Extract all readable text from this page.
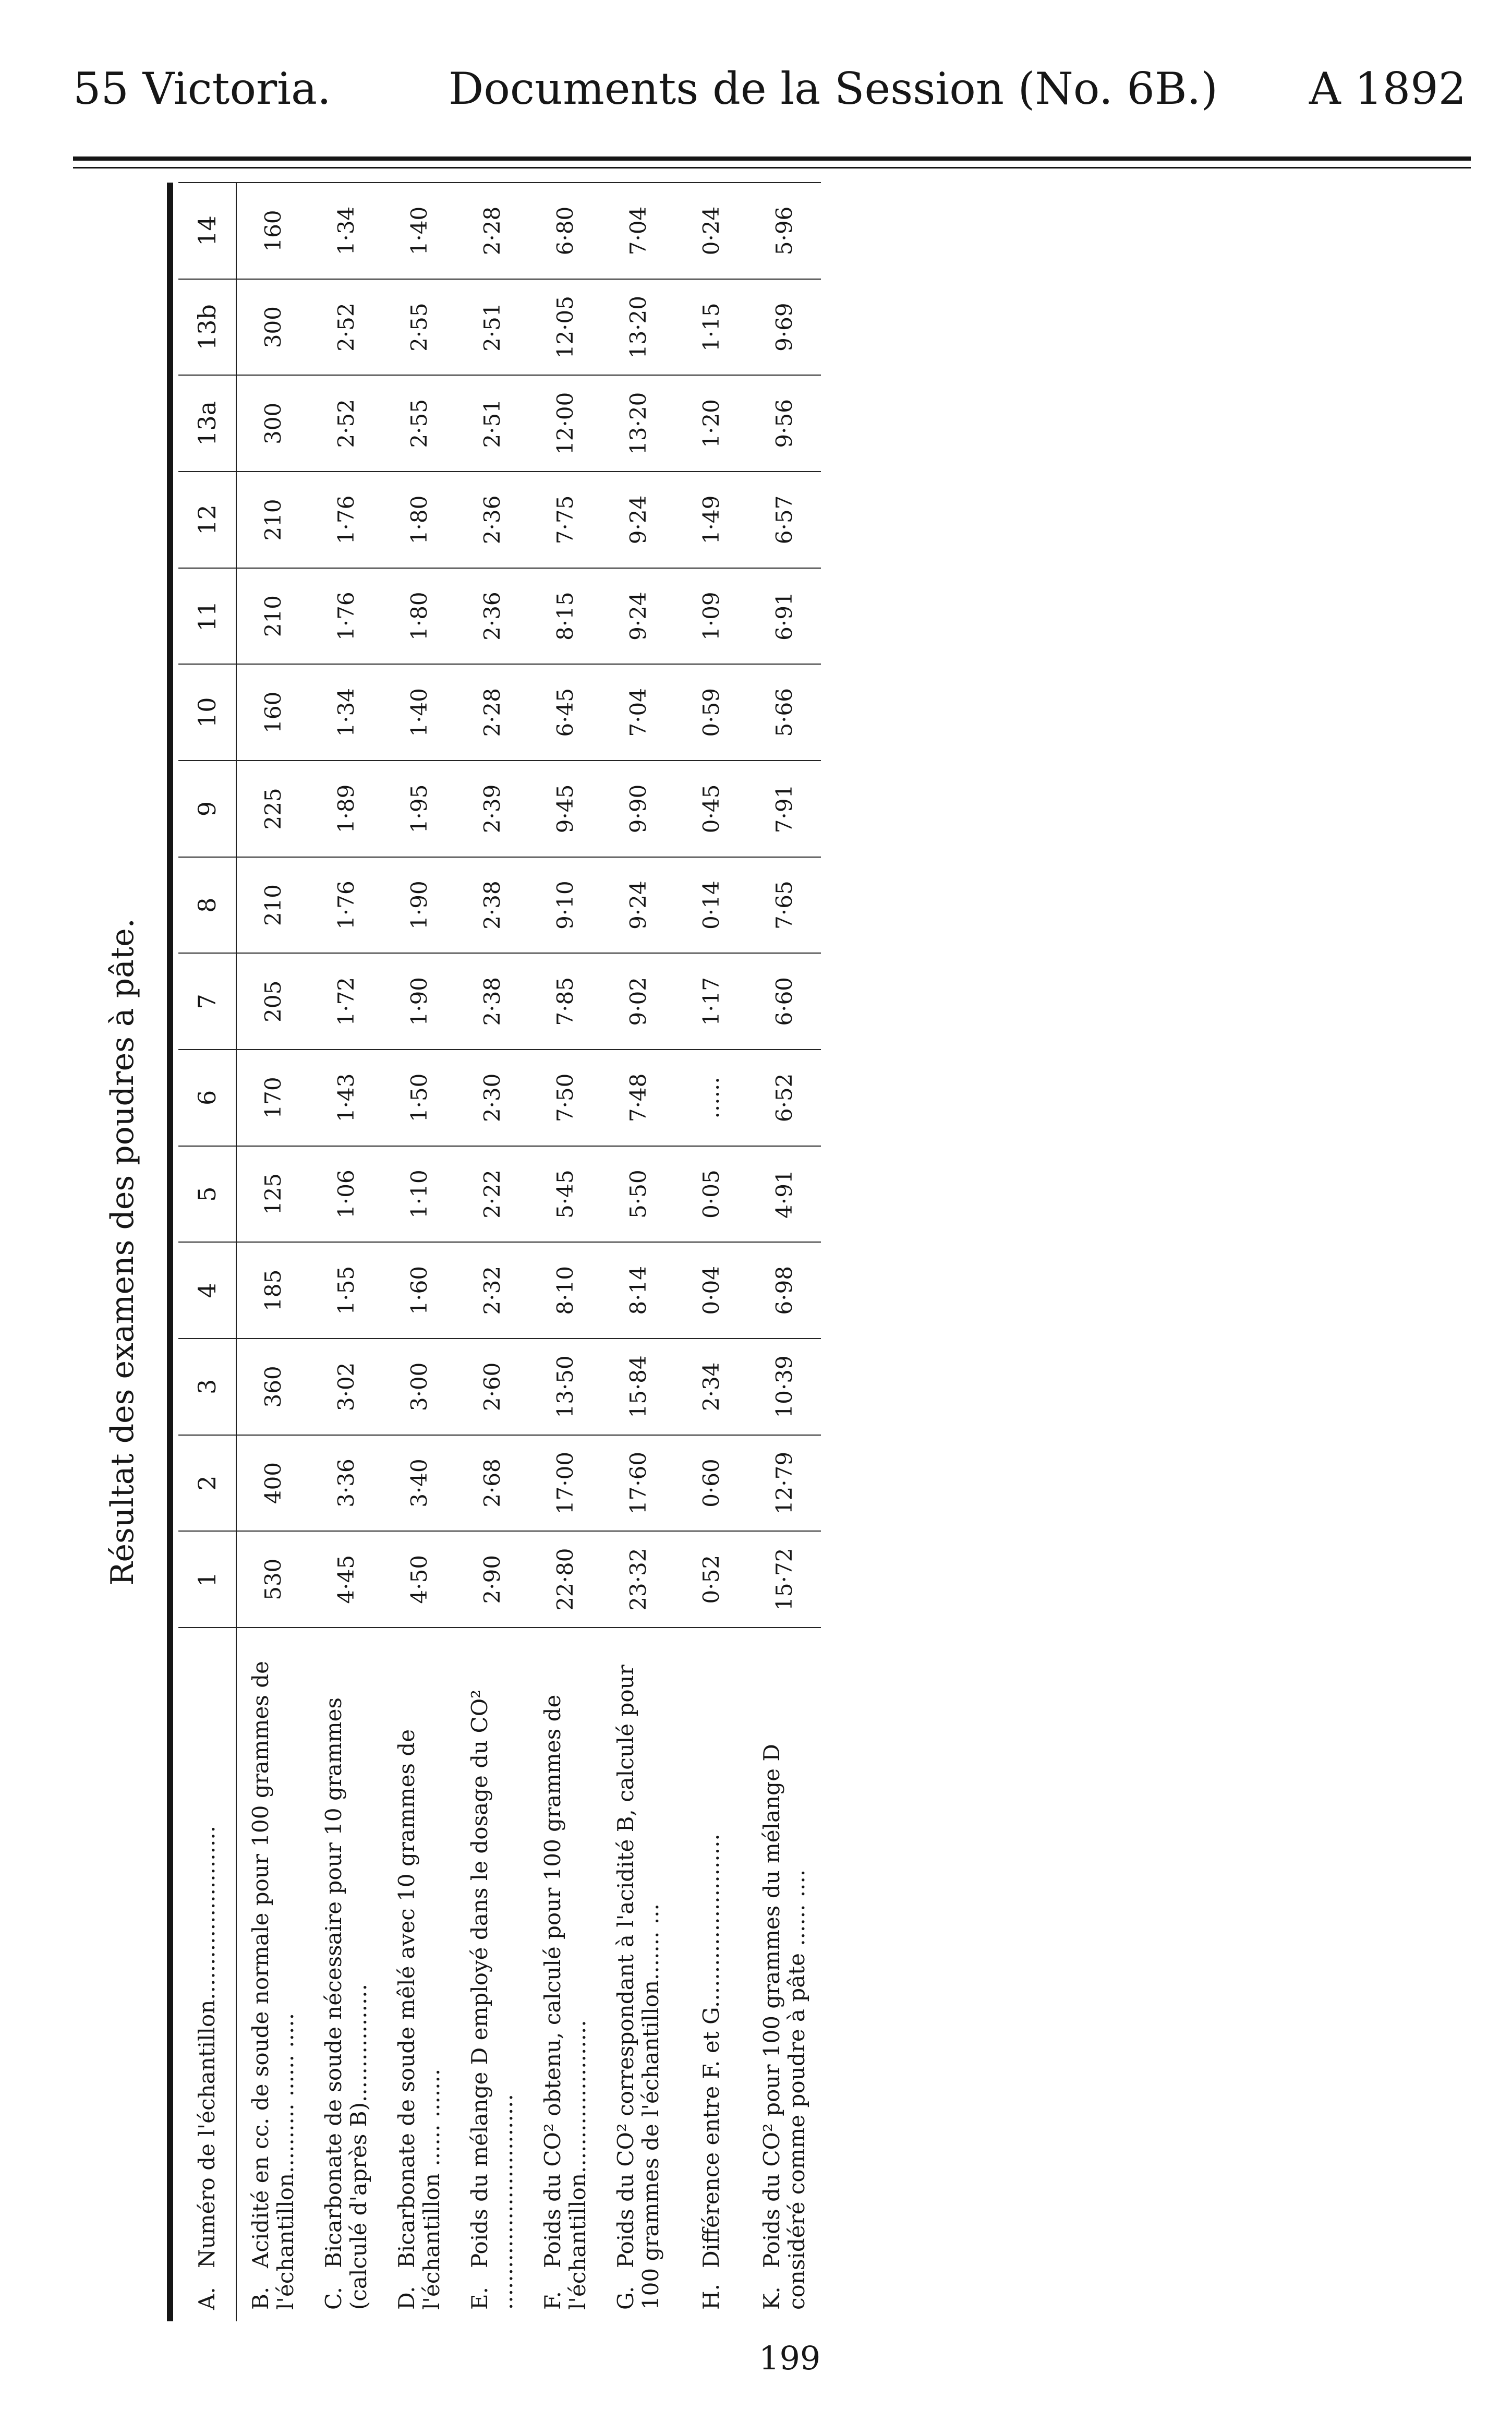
55 Victoria.	Documents de la Session (No. 6B.) A 1892
Résultat des examens des poudres à pâte.
A.Numéro de l'échantillon.........................	1	2	3	4	5	6	7	8	9	10	11	12	13a	13b	14
B.Acidité en cc. de soude normale pour 100 grammes de l'échantillon.......... ...... .....	530	400	360	185	125	170	205	210	225	160	210	210	300	300	160
C.Bicarbonate de soude nécessaire pour 10 grammes (calculé d'après B).................	4·45	3·36	3·02	1·55	1·06	1·43	1·72	1·76	1·89	1·34	1·76	1·76	2·52	2·52	1·34
D.Bicarbonate de soude mêlé avec 10 grammes de l'échantillon ...... .......	4·50	3·40	3·00	1·60	1·10	1·50	1·90	1·90	1·95	1·40	1·80	1·80	2·55	2·55	1·40
E.Poids du mélange D employé dans le dosage du CO² ...............................	2·90	2·68	2·60	2·32	2·22	2·30	2·38	2·38	2·39	2·28	2·36	2·36	2·51	2·51	2·28
F.Poids du CO² obtenu, calculé pour 100 grammes de l'échantillon......................	22·80	17·00	13·50	8·10	5·45	7·50	7·85	9·10	9·45	6·45	8·15	7·75	12·00	12·05	6·80
G.Poids du CO² correspondant à l'acidité B, calculé pour 100 grammes de l'échantillon....... ...	23·32	17·60	15·84	8·14	5·50	7·48	9·02	9·24	9·90	7·04	9·24	9·24	13·20	13·20	7·04
H.Différence entre F. et G.........................	0·52	0·60	2·34	0·04	0·05	......	1·17	0·14	0·45	0·59	1·09	1·49	1·20	1·15	0·24
K.Poids du CO² pour 100 grammes du mélange D considéré comme poudre à pâte ...... ....	15·72	12·79	10·39	6·98	4·91	6·52	6·60	7·65	7·91	5·66	6·91	6·57	9·56	9·69	5·96
199
